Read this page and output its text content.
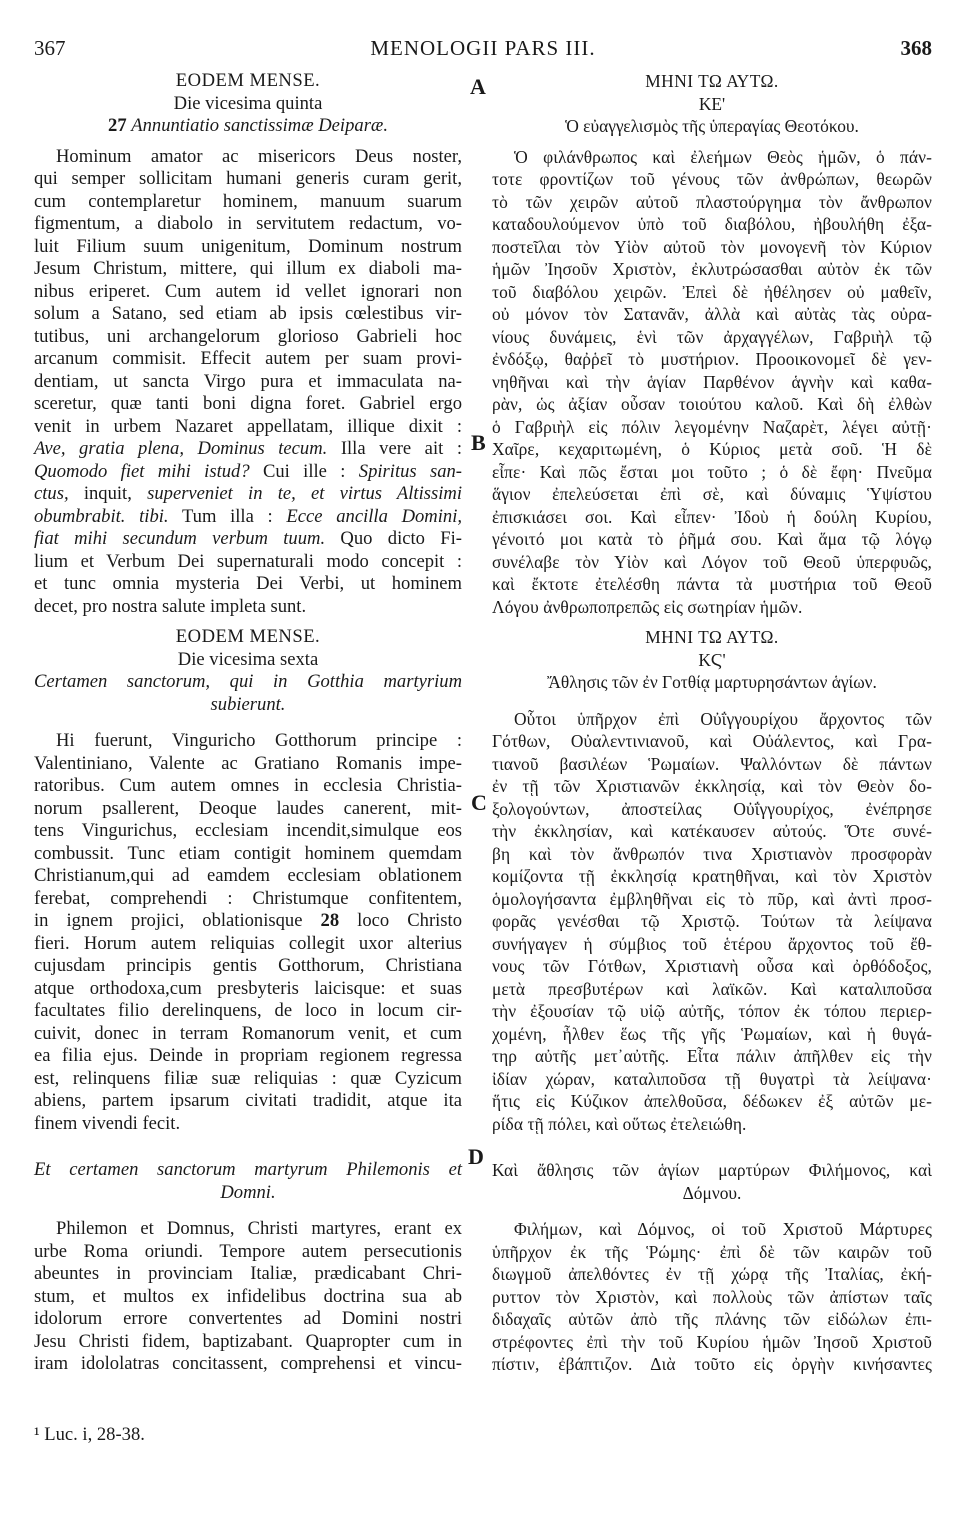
367	MENOLOGII PARS III.	368
A
B
C
D
EODEM MENSE.
Die vicesima quinta
27 Annuntiatio sanctissimæ Deiparæ.
Hominum amator ac misericors Deus noster,
qui semper sollicitam humani generis curam gerit,
cum contemplaretur hominem, manuum suarum
figmentum, a diabolo in servitutem redactum, vo-
luit Filium suum unigenitum, Dominum nostrum
Jesum Christum, mittere, qui illum ex diaboli ma-
nibus eriperet. Cum autem id vellet ignorari non
solum a Satano, sed etiam ab ipsis cœlestibus vir-
tutibus, uni archangelorum glorioso Gabrieli hoc
arcanum commisit. Effecit autem per suam provi-
dentiam, ut sancta Virgo pura et immaculata na-
sceretur, quæ tanti boni digna foret. Gabriel ergo
venit in urbem Nazaret appellatam, illique dixit :
Ave, gratia plena, Dominus tecum. Illa vere ait :
Quomodo fiet mihi istud? Cui ille : Spiritus san-
ctus, inquit, superveniet in te, et virtus Altissimi
obumbrabit. tibi. Tum illa : Ecce ancilla Domini,
fiat mihi secundum verbum tuum. Quo dicto Fi-
lium et Verbum Dei supernaturali modo concepit :
et tunc omnia mysteria Dei Verbi, ut hominem
decet, pro nostra salute impleta sunt.
EODEM MENSE.
Die vicesima sexta
Certamen sanctorum, qui in Gotthia martyrium
subierunt.
Hi fuerunt, Vinguricho Gotthorum principe :
Valentiniano, Valente ac Gratiano Romanis impe-
ratoribus. Cum autem omnes in ecclesia Christia-
norum psallerent, Deoque laudes canerent, mit-
tens Vingurichus, ecclesiam incendit,simulque eos
combussit. Tunc etiam contigit hominem quemdam
Christianum,qui ad eamdem ecclesiam oblationem
ferebat, comprehendi : Christumque confitentem,
in ignem projici, oblationisque 28 loco Christo
fieri. Horum autem reliquias collegit uxor alterius
cujusdam principis gentis Gotthorum, Christiana
atque orthodoxa,cum presbyteris laicisque: et suas
facultates filio derelinquens, de loco in locum cir-
cuivit, donec in terram Romanorum venit, et cum
ea filia ejus. Deinde in propriam regionem regressa
est, relinquens filiæ suæ reliquias : quæ Cyzicum
abiens, partem ipsarum civitati tradidit, atque ita
finem vivendi fecit.
Et certamen sanctorum martyrum Philemonis et
Domni.
Philemon et Domnus, Christi martyres, erant ex
urbe Roma oriundi. Tempore autem persecutionis
abeuntes in provinciam Italiæ, prædicabant Chri-
stum, et multos ex infidelibus doctrina sua ab
idolorum errore convertentes ad Domini nostri
Jesu Christi fidem, baptizabant. Quapropter cum in
iram idololatras concitassent, comprehensi et vincu-
ΜΗΝΙ ΤΩ ΑΥΤΩ.
ΚΕ'
Ὁ εὐαγγελισμὸς τῆς ὑπεραγίας Θεοτόκου.
Ὁ φιλάνθρωπος καὶ ἐλεήμων Θεὸς ἡμῶν, ὁ πάν-
τοτε φροντίζων τοῦ γένους τῶν ἀνθρώπων, θεωρῶν
τὸ τῶν χειρῶν αὐτοῦ πλαστούργημα τὸν ἄνθρωπον
καταδουλούμενον ὑπὸ τοῦ διαβόλου, ἠβουλήθη ἐξα-
ποστεῖλαι τὸν Υἱὸν αὐτοῦ τὸν μονογενῆ τὸν Κύριον
ἡμῶν Ἰησοῦν Χριστὸν, ἐκλυτρώσασθαι αὐτὸν ἐκ τῶν
τοῦ διαβόλου χειρῶν. Ἐπεὶ δὲ ἠθέλησεν οὐ μαθεῖν,
οὐ μόνον τὸν Σατανᾶν, ἀλλὰ καὶ αὐτὰς τὰς οὐρα-
νίους δυνάμεις, ἑνὶ τῶν ἀρχαγγέλων, Γαβριὴλ τῷ
ἐνδόξῳ, θαῤῥεῖ τὸ μυστήριον. Προοικονομεῖ δὲ γεν-
νηθῆναι καὶ τὴν ἁγίαν Παρθένον ἁγνὴν καὶ καθα-
ρὰν, ὡς ἀξίαν οὖσαν τοιούτου καλοῦ. Καὶ δὴ ἐλθὼν
ὁ Γαβριὴλ εἰς πόλιν λεγομένην Ναζαρὲτ, λέγει αὐτῇ·
Χαῖρε, κεχαριτωμένη, ὁ Κύριος μετὰ σοῦ. Ἡ δὲ
εἶπε· Καὶ πῶς ἔσται μοι τοῦτο ; ὁ δὲ ἔφη· Πνεῦμα
ἅγιον ἐπελεύσεται ἐπὶ σὲ, καὶ δύναμις Ὑψίστου
ἐπισκιάσει σοι. Καὶ εἶπεν· Ἰδοὺ ἡ δούλη Κυρίου,
γένοιτό μοι κατὰ τὸ ῥῆμά σου. Καὶ ἅμα τῷ λόγῳ
συνέλαβε τὸν Υἱὸν καὶ Λόγον τοῦ Θεοῦ ὑπερφυῶς,
καὶ ἔκτοτε ἐτελέσθη πάντα τὰ μυστήρια τοῦ Θεοῦ
Λόγου ἀνθρωποπρεπῶς εἰς σωτηρίαν ἡμῶν.
ΜΗΝΙ ΤΩ ΑΥΤΩ.
ΚϚ'
Ἄθλησις τῶν ἐν Γοτθίᾳ μαρτυρησάντων ἁγίων.
Οὗτοι ὑπῆρχον ἐπὶ Οὐΐγγουρίχου ἄρχοντος τῶν
Γότθων, Οὐαλεντινιανοῦ, καὶ Οὐάλεντος, καὶ Γρα-
τιανοῦ βασιλέων Ῥωμαίων. Ψαλλόντων δὲ πάντων
ἐν τῇ τῶν Χριστιανῶν ἐκκλησίᾳ, καὶ τὸν Θεὸν δο-
ξολογούντων, ἀποστείλας Οὐΐγγουρίχος, ἐνέπρησε
τὴν ἐκκλησίαν, καὶ κατέκαυσεν αὐτούς. Ὅτε συνέ-
βη καὶ τὸν ἄνθρωπόν τινα Χριστιανὸν προσφορὰν
κομίζοντα τῇ ἐκκλησίᾳ κρατηθῆναι, καὶ τὸν Χριστὸν
ὁμολογήσαντα ἐμβληθῆναι εἰς τὸ πῦρ, καὶ ἀντὶ προσ-
φορᾶς γενέσθαι τῷ Χριστῷ. Τούτων τὰ λείψανα
συνήγαγεν ἡ σύμβιος τοῦ ἑτέρου ἄρχοντος τοῦ ἔθ-
νους τῶν Γότθων, Χριστιανὴ οὖσα καὶ ὀρθόδοξος,
μετὰ πρεσβυτέρων καὶ λαϊκῶν. Καὶ καταλιποῦσα
τὴν ἐξουσίαν τῷ υἱῷ αὐτῆς, τόπον ἐκ τόπου περιερ-
χομένη, ἦλθεν ἕως τῆς γῆς Ῥωμαίων, καὶ ἡ θυγά-
τηρ αὐτῆς μετ᾽αὐτῆς. Εἶτα πάλιν ἀπῆλθεν εἰς τὴν
ἰδίαν χώραν, καταλιποῦσα τῇ θυγατρὶ τὰ λείψανα·
ἥτις εἰς Κύζικον ἀπελθοῦσα, δέδωκεν ἐξ αὐτῶν με-
ρίδα τῇ πόλει, καὶ οὕτως ἐτελειώθη.
Καὶ ἄθλησις τῶν ἁγίων μαρτύρων Φιλήμονος, καὶ
Δόμνου.
Φιλήμων, καὶ Δόμνος, οἱ τοῦ Χριστοῦ Μάρτυρες
ὑπῆρχον ἐκ τῆς Ῥώμης· ἐπὶ δὲ τῶν καιρῶν τοῦ
διωγμοῦ ἀπελθόντες ἐν τῇ χώρᾳ τῆς Ἰταλίας, ἐκή-
ρυττον τὸν Χριστὸν, καὶ πολλοὺς τῶν ἀπίστων ταῖς
διδαχαῖς αὐτῶν ἀπὸ τῆς πλάνης τῶν εἰδώλων ἐπι-
στρέφοντες ἐπὶ τὴν τοῦ Κυρίου ἡμῶν Ἰησοῦ Χριστοῦ
πίστιν, ἐβάπτιζον. Διὰ τοῦτο εἰς ὀργὴν κινήσαντες
¹ Luc. i, 28-38.
